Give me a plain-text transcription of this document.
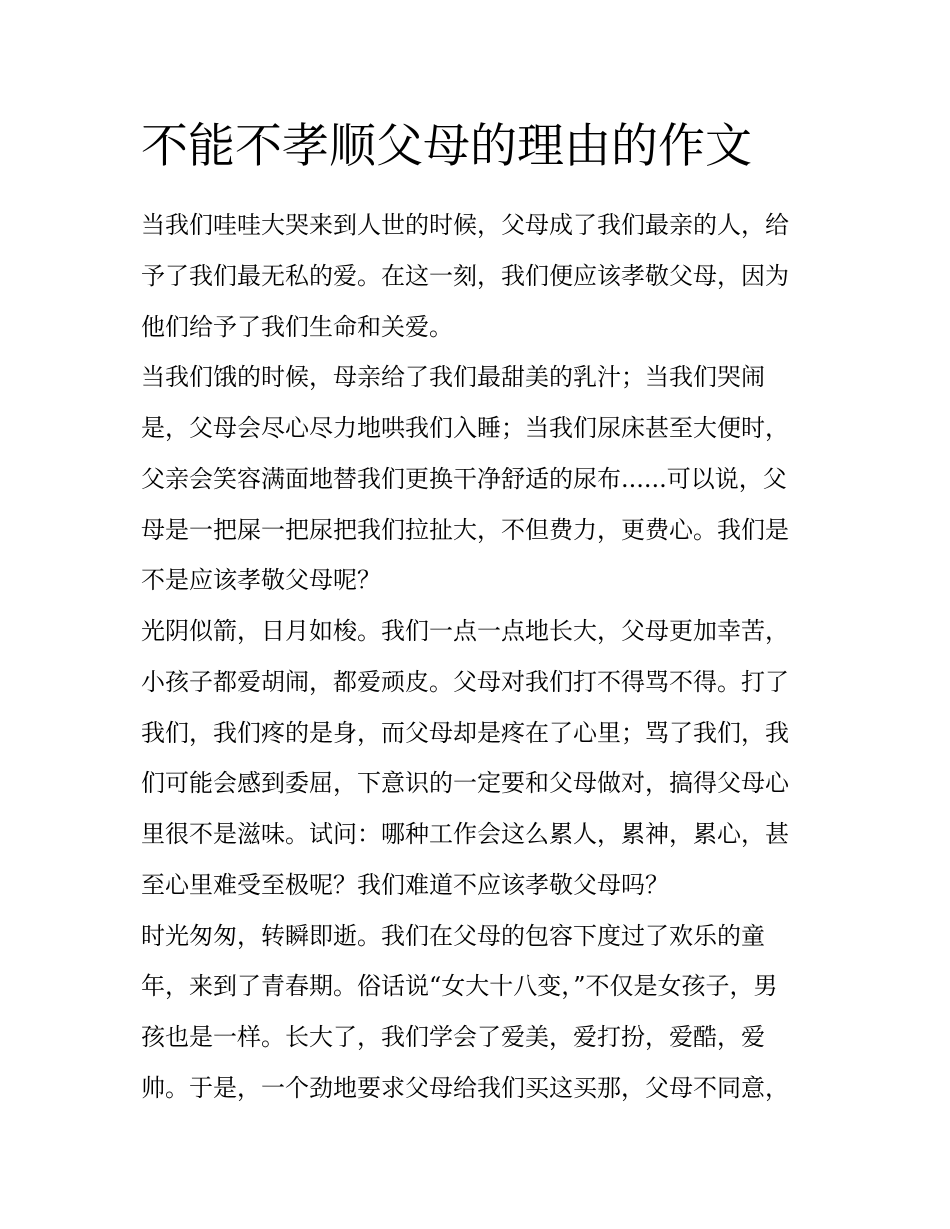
不能不孝顺父母的理由的作文
当我们哇哇大哭来到人世的时候，父母成了我们最亲的人，给
予了我们最无私的爱。在这一刻，我们便应该孝敬父母，因为
他们给予了我们生命和关爱。
当我们饿的时候，母亲给了我们最甜美的乳汁；当我们哭闹
是，父母会尽心尽力地哄我们入睡；当我们尿床甚至大便时，
父亲会笑容满面地替我们更换干净舒适的尿布......可以说，父
母是一把屎一把尿把我们拉扯大，不但费力，更费心。我们是
不是应该孝敬父母呢？
光阴似箭，日月如梭。我们一点一点地长大，父母更加幸苦，
小孩子都爱胡闹，都爱顽皮。父母对我们打不得骂不得。打了
我们，我们疼的是身，而父母却是疼在了心里；骂了我们，我
们可能会感到委屈，下意识的一定要和父母做对，搞得父母心
里很不是滋味。试问：哪种工作会这么累人，累神，累心，甚
至心里难受至极呢？我们难道不应该孝敬父母吗？
时光匆匆，转瞬即逝。我们在父母的包容下度过了欢乐的童
年，来到了青春期。俗话说“女大十八变，”不仅是女孩子，男
孩也是一样。长大了，我们学会了爱美，爱打扮，爱酷，爱
帅。于是，一个劲地要求父母给我们买这买那，父母不同意，
